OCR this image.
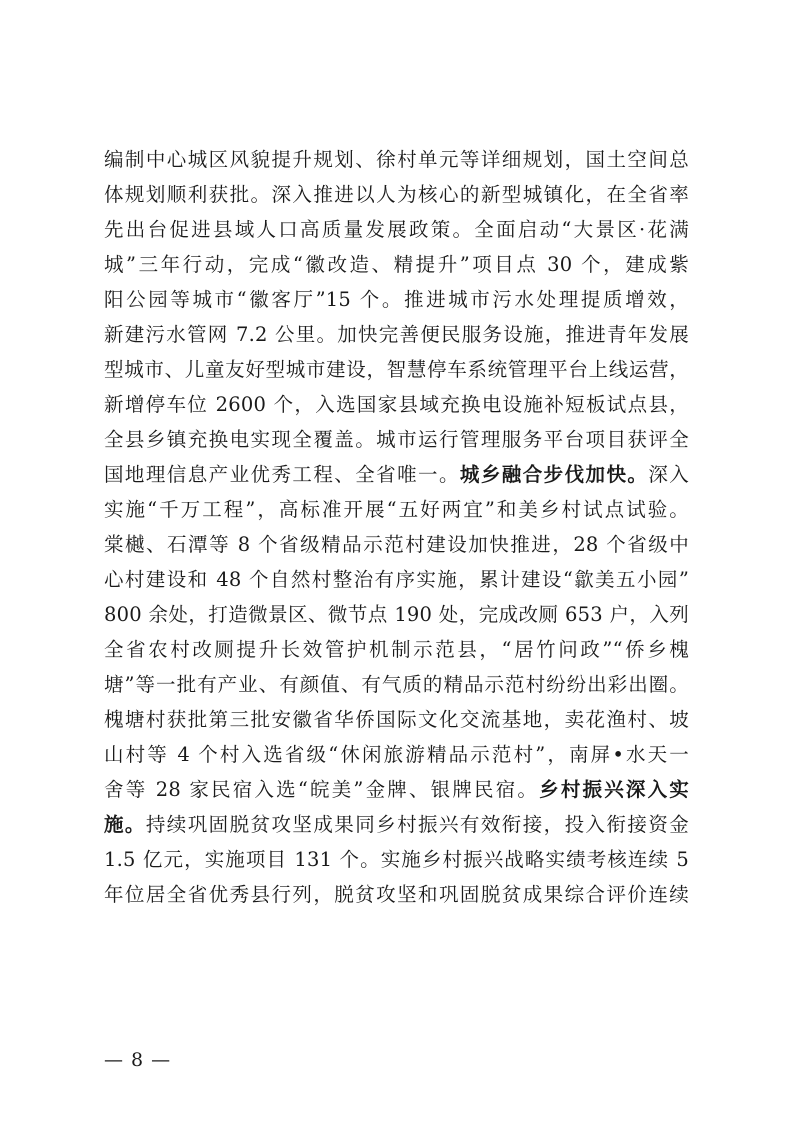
编制中心城区风貌提升规划、徐村单元等详细规划，国土空间总
体规划顺利获批。深入推进以人为核心的新型城镇化，在全省率
先出台促进县域人口高质量发展政策。全面启动“大景区·花满
城”三年行动，完成“徽改造、精提升”项目点 30 个，建成紫
阳公园等城市“徽客厅”15 个。推进城市污水处理提质增效，
新建污水管网 7.2 公里。加快完善便民服务设施，推进青年发展
型城市、儿童友好型城市建设，智慧停车系统管理平台上线运营，
新增停车位 2600 个，入选国家县域充换电设施补短板试点县，
全县乡镇充换电实现全覆盖。城市运行管理服务平台项目获评全
国地理信息产业优秀工程、全省唯一。城乡融合步伐加快。深入
实施“千万工程”，高标准开展“五好两宜”和美乡村试点试验。
棠樾、石潭等 8 个省级精品示范村建设加快推进，28 个省级中
心村建设和 48 个自然村整治有序实施，累计建设“歙美五小园”
800 余处，打造微景区、微节点 190 处，完成改厕 653 户，入列
全省农村改厕提升长效管护机制示范县，“居竹问政”“侨乡槐
塘”等一批有产业、有颜值、有气质的精品示范村纷纷出彩出圈。
槐塘村获批第三批安徽省华侨国际文化交流基地，卖花渔村、坡
山村等 4 个村入选省级“休闲旅游精品示范村”，南屏•水天一
舍等 28 家民宿入选“皖美”金牌、银牌民宿。乡村振兴深入实
施。持续巩固脱贫攻坚成果同乡村振兴有效衔接，投入衔接资金
1.5 亿元，实施项目 131 个。实施乡村振兴战略实绩考核连续 5
年位居全省优秀县行列，脱贫攻坚和巩固脱贫成果综合评价连续
— 8 —
